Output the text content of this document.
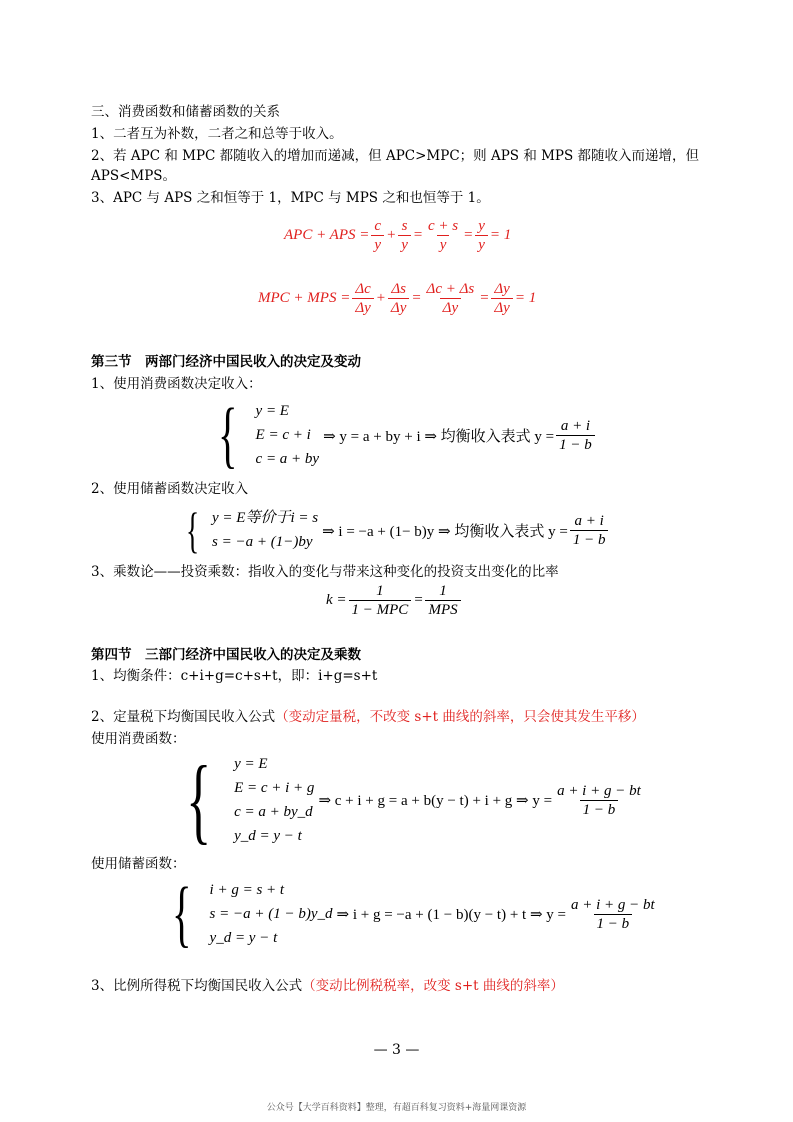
三、消费函数和储蓄函数的关系
1、二者互为补数，二者之和总等于收入。
2、若 APC 和 MPC 都随收入的增加而递减，但 APC>MPC；则 APS 和 MPS 都随收入而递增，但
APS<MPS。
3、APC 与 APS 之和恒等于 1，MPC 与 MPS 之和也恒等于 1。
APC + APS = $\frac{c}{y} + \frac{s}{y} = \frac{c + s}{y} = \frac{y}{y} = 1$
MPC + MPS = $\frac{\Delta c}{\Delta y} + \frac{\Delta s}{\Delta y} = \frac{\Delta c + \Delta s}{\Delta y} = \frac{\Delta y}{\Delta y} = 1$
第三节　两部门经济中国民收入的决定及变动
1、使用消费函数决定收入：
{ y = E
E = c + i
c = a + by
⇒ y = a + by + i ⇒ 均衡收入表式 $y = \frac{a + i}{1 - b}$
2、使用储蓄函数决定收入
{ y = E等价于i = s
s = −a + (1−)by
⇒ i = −a + (1− b)y ⇒ 均衡收入表式 $y = \frac{a + i}{1 - b}$
3、乘数论——投资乘数：指收入的变化与带来这种变化的投资支出变化的比率
$k = \frac{1}{\text{1 − MPC}} = \frac{1}{\text{MPS}}$
第四节　三部门经济中国民收入的决定及乘数
1、均衡条件：c+i+g=c+s+t，即：i+g=s+t
2、定量税下均衡国民收入公式（变动定量税，不改变 s+t 曲线的斜率，只会使其发生平移）
使用消费函数：
{ y = E
E = c + i + g
c = a + by_d
y_d = y − t
⇒ c + i + g = a + b(y − t) + i + g ⇒ $y = \frac{a + i + g - bt}{1 - b}$
使用储蓄函数：
{ i + g = s + t
s = −a + (1 − b)y_d
y_d = y − t
⇒ i + g = −a + (1 − b)(y − t) + t ⇒ $y = \frac{a + i + g - bt}{1 - b}$
3、比例所得税下均衡国民收入公式（变动比例税税率，改变 s+t 曲线的斜率）
— 3 —
公众号【大学百科资料】整理，有超百科复习资料+海量网课资源
